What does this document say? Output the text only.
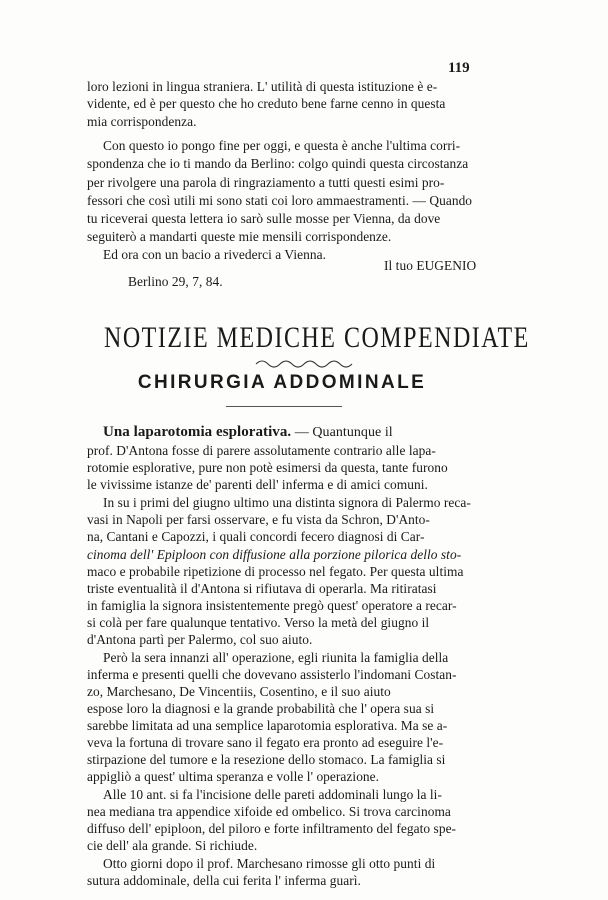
119
loro lezioni in lingua straniera. L' utilità di questa istituzione è e-
vidente, ed è per questo che ho creduto bene farne cenno in questa
mia corrispondenza.
Con questo io pongo fine per oggi, e questa è anche l'ultima corri-
spondenza che io ti mando da Berlino: colgo quindi questa circostanza
per rivolgere una parola di ringraziamento a tutti questi esimi pro-
fessori che così utili mi sono stati coi loro ammaestramenti. — Quando
tu riceverai questa lettera io sarò sulle mosse per Vienna, da dove
seguiterò a mandarti queste mie mensili corrispondenze.
Ed ora con un bacio a rivederci a Vienna.
Il tuo EUGENIO
Berlino 29, 7, 84.
NOTIZIE MEDICHE COMPENDIATE
CHIRURGIA ADDOMINALE
Una laparotomia esplorativa. — Quantunque il
prof. D'Antona fosse di parere assolutamente contrario alle lapa-
rotomie esplorative, pure non potè esimersi da questa, tante furono
le vivissime istanze de' parenti dell' inferma e di amici comuni.
In su i primi del giugno ultimo una distinta signora di Palermo reca-
vasi in Napoli per farsi osservare, e fu vista da Schron, D'Anto-
na, Cantani e Capozzi, i quali concordi fecero diagnosi di Car-
cinoma dell' Epiploon con diffusione alla porzione pilorica dello sto-
maco e probabile ripetizione di processo nel fegato. Per questa ultima
triste eventualità il d'Antona si rifiutava di operarla. Ma ritiratasi
in famiglia la signora insistentemente pregò quest' operatore a recar-
si colà per fare qualunque tentativo. Verso la metà del giugno il
d'Antona partì per Palermo, col suo aiuto.
Però la sera innanzi all' operazione, egli riunita la famiglia della
inferma e presenti quelli che dovevano assisterlo l'indomani Costan-
zo, Marchesano, De Vincentiis, Cosentino, e il suo aiuto
espose loro la diagnosi e la grande probabilità che l' opera sua si
sarebbe limitata ad una semplice laparotomia esplorativa. Ma se a-
veva la fortuna di trovare sano il fegato era pronto ad eseguire l'e-
stirpazione del tumore e la resezione dello stomaco. La famiglia si
appigliò a quest' ultima speranza e volle l' operazione.
Alle 10 ant. si fa l'incisione delle pareti addominali lungo la li-
nea mediana tra appendice xifoide ed ombelico. Si trova carcinoma
diffuso dell' epiploon, del piloro e forte infiltramento del fegato spe-
cie dell' ala grande. Si richiude.
Otto giorni dopo il prof. Marchesano rimosse gli otto punti di
sutura addominale, della cui ferita l' inferma guarì.
